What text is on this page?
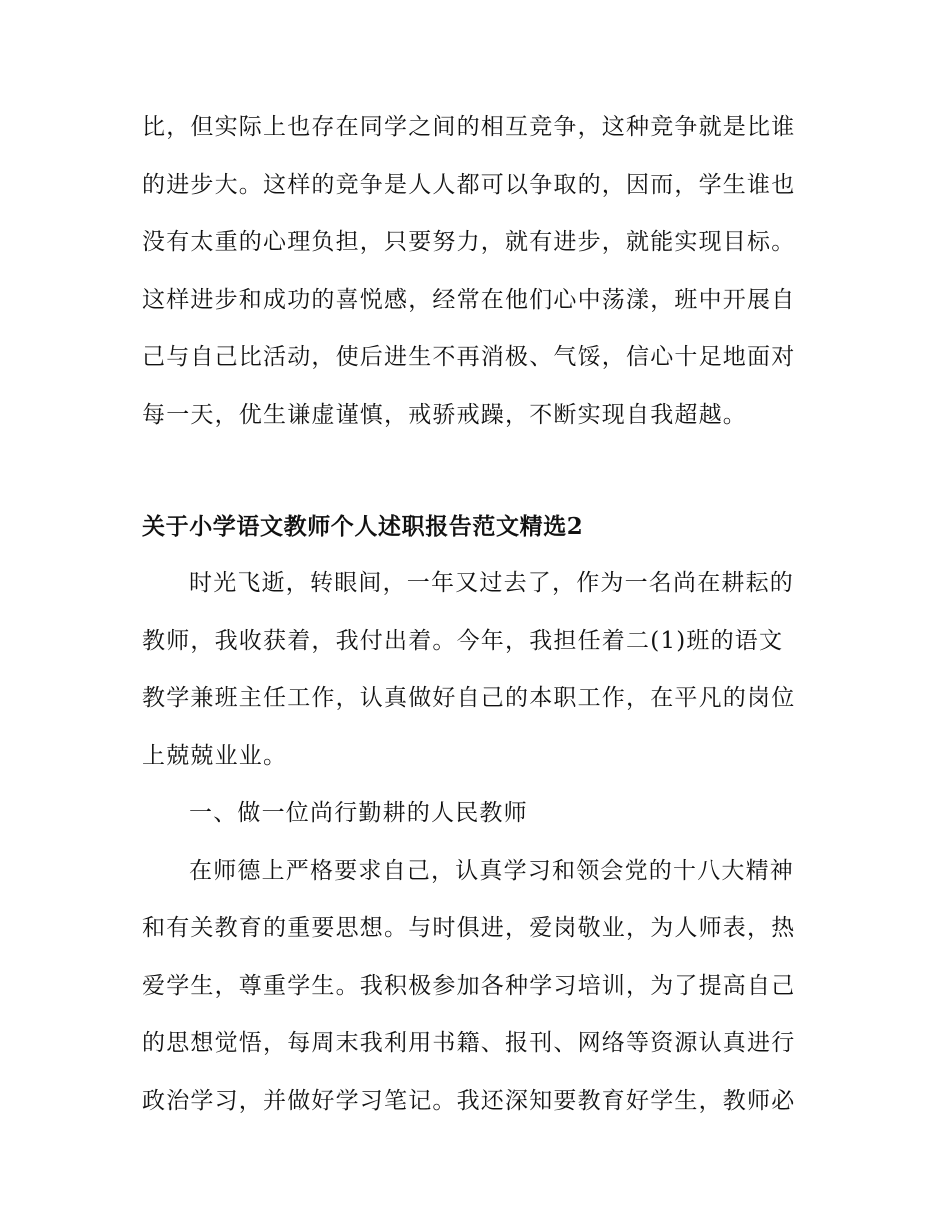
比，但实际上也存在同学之间的相互竞争，这种竞争就是比谁
的进步大。这样的竞争是人人都可以争取的，因而，学生谁也
没有太重的心理负担，只要努力，就有进步，就能实现目标。
这样进步和成功的喜悦感，经常在他们心中荡漾，班中开展自
己与自己比活动，使后进生不再消极、气馁，信心十足地面对
每一天，优生谦虚谨慎，戒骄戒躁，不断实现自我超越。
关于小学语文教师个人述职报告范文精选2
时光飞逝，转眼间，一年又过去了，作为一名尚在耕耘的
教师，我收获着，我付出着。今年，我担任着二(1)班的语文
教学兼班主任工作，认真做好自己的本职工作，在平凡的岗位
上兢兢业业。
一、做一位尚行勤耕的人民教师
在师德上严格要求自己，认真学习和领会党的十八大精神
和有关教育的重要思想。与时俱进，爱岗敬业，为人师表，热
爱学生，尊重学生。我积极参加各种学习培训，为了提高自己
的思想觉悟，每周末我利用书籍、报刊、网络等资源认真进行
政治学习，并做好学习笔记。我还深知要教育好学生，教师必
